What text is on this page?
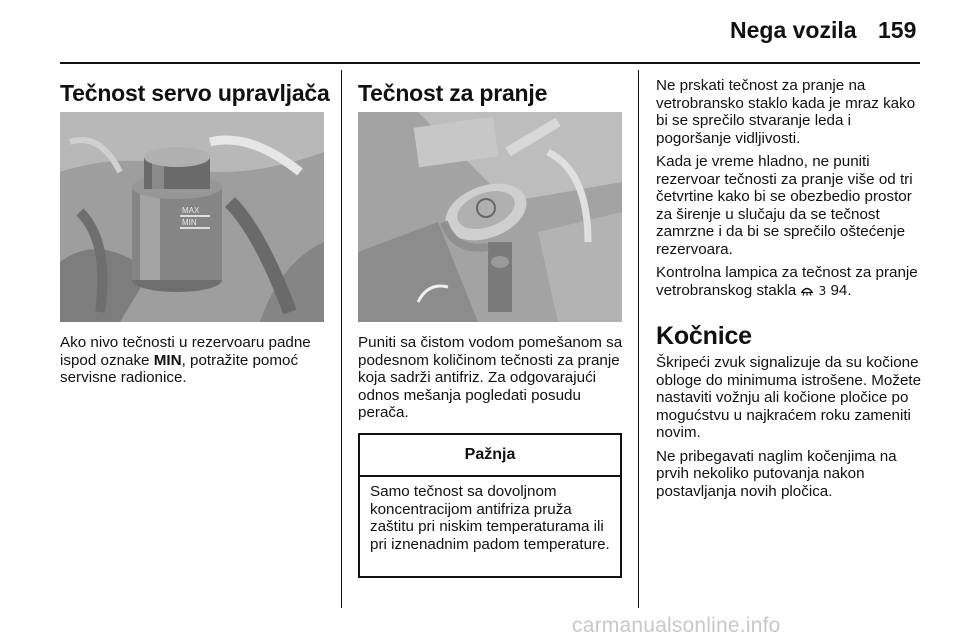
Nega vozila 159
Tečnost servo upravljača
MAX
MIN

Ako nivo tečnosti u rezervoaru padne ispod oznake MIN, potražite pomoć servisne radionice.

Tečnost za pranje

Puniti sa čistom vodom pomešanom sa podesnom količinom tečnosti za pranje koja sadrži antifriz. Za odgovarajući odnos mešanja pogledati posudu perača.

Pažnja
Samo tečnost sa dovoljnom koncentracijom antifriza pruža zaštitu pri niskim temperaturama ili pri iznenadnim padom temperature.

Ne prskati tečnost za pranje na vetrobransko staklo kada je mraz kako bi se sprečilo stvaranje leda i pogoršanje vidljivosti.

Kada je vreme hladno, ne puniti rezervoar tečnosti za pranje više od tri četvrtine kako bi se obezbedio prostor za širenje u slučaju da se tečnost zamrzne i da bi se sprečilo oštećenje rezervoara.

Kontrolna lampica za tečnost za pranje vetrobranskog stakla  3 94.

Kočnice

Škripeći zvuk signalizuje da su kočione obloge do minimuma istrošene. Možete nastaviti vožnju ali kočione pločice po mogućstvu u najkraćem roku zameniti novim.

Ne pribegavati naglim kočenjima na prvih nekoliko putovanja nakon postavljanja novih pločica.

carmanualsonline.info
